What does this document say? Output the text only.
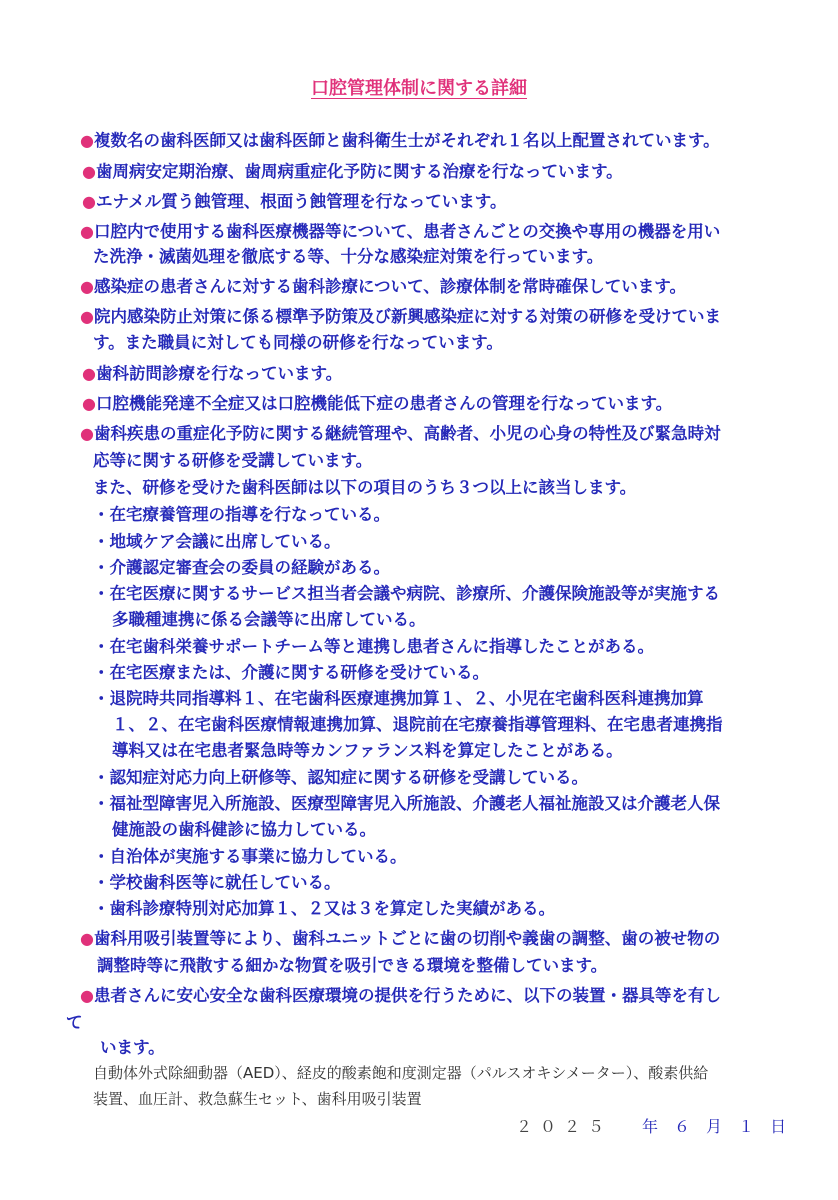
口腔管理体制に関する詳細
●複数名の歯科医師又は歯科医師と歯科衛生士がそれぞれ１名以上配置されています。
●歯周病安定期治療、歯周病重症化予防に関する治療を行なっています。
●エナメル質う蝕管理、根面う蝕管理を行なっています。
●口腔内で使用する歯科医療機器等について、患者さんごとの交換や専用の機器を用い
た洗浄・滅菌処理を徹底する等、十分な感染症対策を行っています。
●感染症の患者さんに対する歯科診療について、診療体制を常時確保しています。
●院内感染防止対策に係る標準予防策及び新興感染症に対する対策の研修を受けていま
す。また職員に対しても同様の研修を行なっています。
●歯科訪問診療を行なっています。
●口腔機能発達不全症又は口腔機能低下症の患者さんの管理を行なっています。
●歯科疾患の重症化予防に関する継続管理や、高齢者、小児の心身の特性及び緊急時対
応等に関する研修を受講しています。
また、研修を受けた歯科医師は以下の項目のうち３つ以上に該当します。
・在宅療養管理の指導を行なっている。
・地域ケア会議に出席している。
・介護認定審査会の委員の経験がある。
・在宅医療に関するサービス担当者会議や病院、診療所、介護保険施設等が実施する
多職種連携に係る会議等に出席している。
・在宅歯科栄養サポートチーム等と連携し患者さんに指導したことがある。
・在宅医療または、介護に関する研修を受けている。
・退院時共同指導料１、在宅歯科医療連携加算１、２、小児在宅歯科医科連携加算
１、２、在宅歯科医療情報連携加算、退院前在宅療養指導管理料、在宅患者連携指
導料又は在宅患者緊急時等カンファランス料を算定したことがある。
・認知症対応力向上研修等、認知症に関する研修を受講している。
・福祉型障害児入所施設、医療型障害児入所施設、介護老人福祉施設又は介護老人保
健施設の歯科健診に協力している。
・自治体が実施する事業に協力している。
・学校歯科医等に就任している。
・歯科診療特別対応加算１、２又は３を算定した実績がある。
●歯科用吸引装置等により、歯科ユニットごとに歯の切削や義歯の調整、歯の被せ物の
調整時等に飛散する細かな物質を吸引できる環境を整備しています。
●患者さんに安心安全な歯科医療環境の提供を行うために、以下の装置・器具等を有し
て
います。
自動体外式除細動器（AED）、経皮的酸素飽和度測定器（パルスオキシメーター）、酸素供給
装置、血圧計、救急蘇生セット、歯科用吸引装置
２０２５ 年 ６ 月 １ 日
